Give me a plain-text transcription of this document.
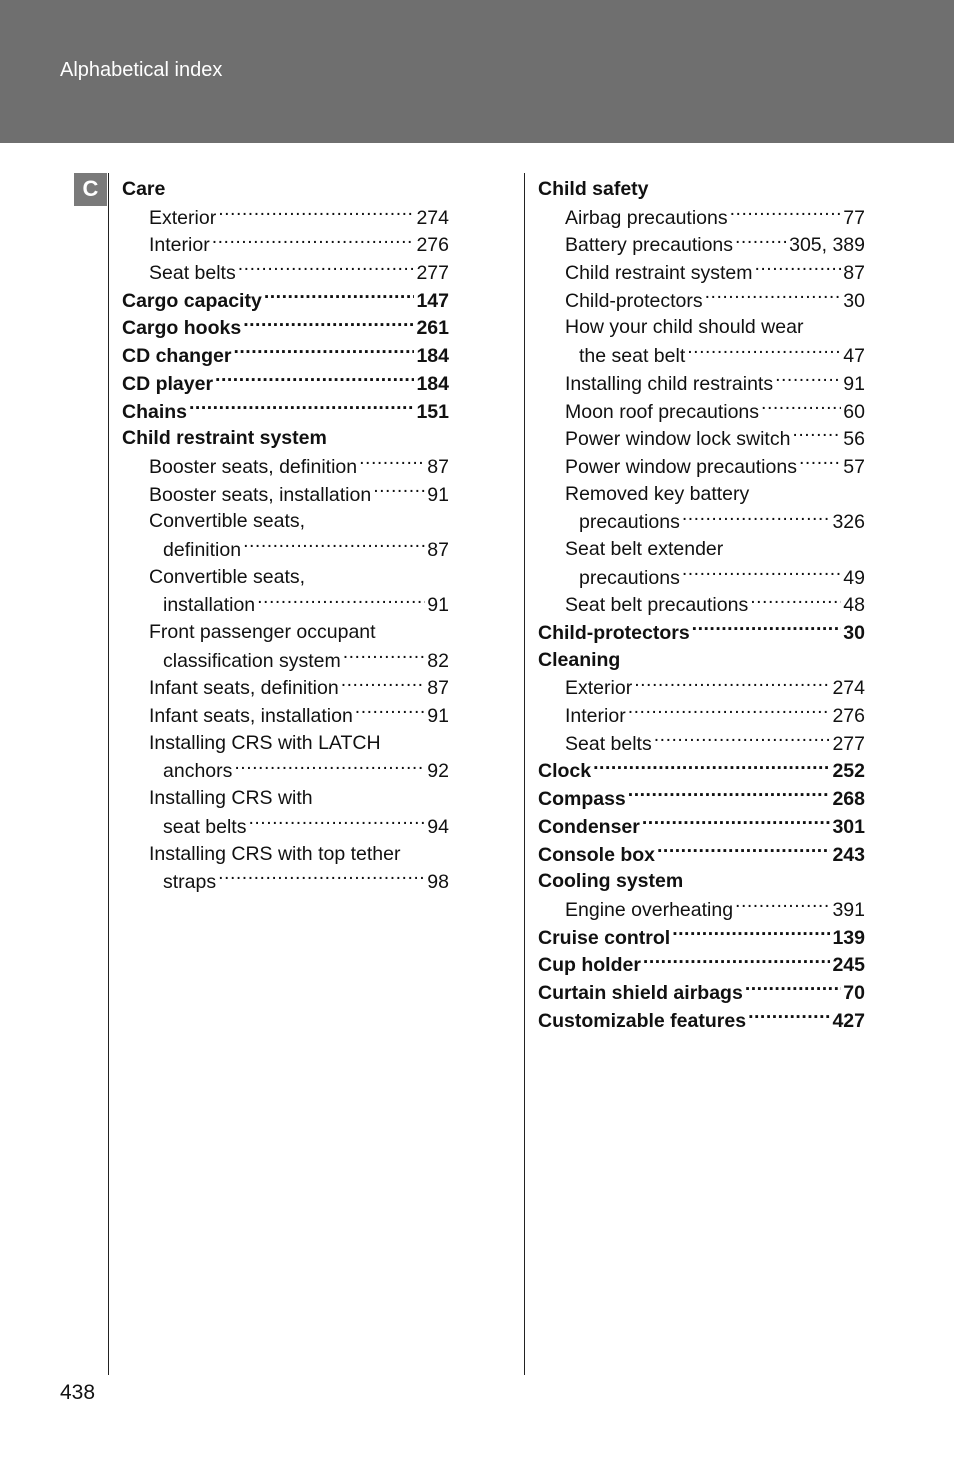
Alphabetical index
C	Care
Exterior .....	274
Interior .....	276
Seat belts .....	277
Cargo capacity .....	147
Cargo hooks .....	261
CD changer .....	184
CD player .....	184
Chains .....	151
Child restraint system
Booster seats, definition .....	87
Booster seats, installation .....	91
Convertible seats,
definition .....	87
Convertible seats,
installation .....	91
Front passenger occupant
classification system .....	82
Infant seats, definition .....	87
Infant seats, installation .....	91
Installing CRS with LATCH
anchors .....	92
Installing CRS with
seat belts .....	94
Installing CRS with top tether
straps .....	98
Child safety
Airbag precautions .....	77
Battery precautions .....	305, 389
Child restraint system .....	87
Child-protectors .....	30
How your child should wear
the seat belt .....	47
Installing child restraints .....	91
Moon roof precautions .....	60
Power window lock switch .....	56
Power window precautions ..... 57
Removed key battery
precautions .....	326
Seat belt extender
precautions .....	49
Seat belt precautions .....	48
Child-protectors .....	30
Cleaning
Exterior .....	274
Interior .....	276
Seat belts .....	277
Clock .....	252
Compass .....	268
Condenser .....	301
Console box .....	243
Cooling system
Engine overheating .....	391
Cruise control .....	139
Cup holder .....	245
Curtain shield airbags .....	70
Customizable features .....	427
438
